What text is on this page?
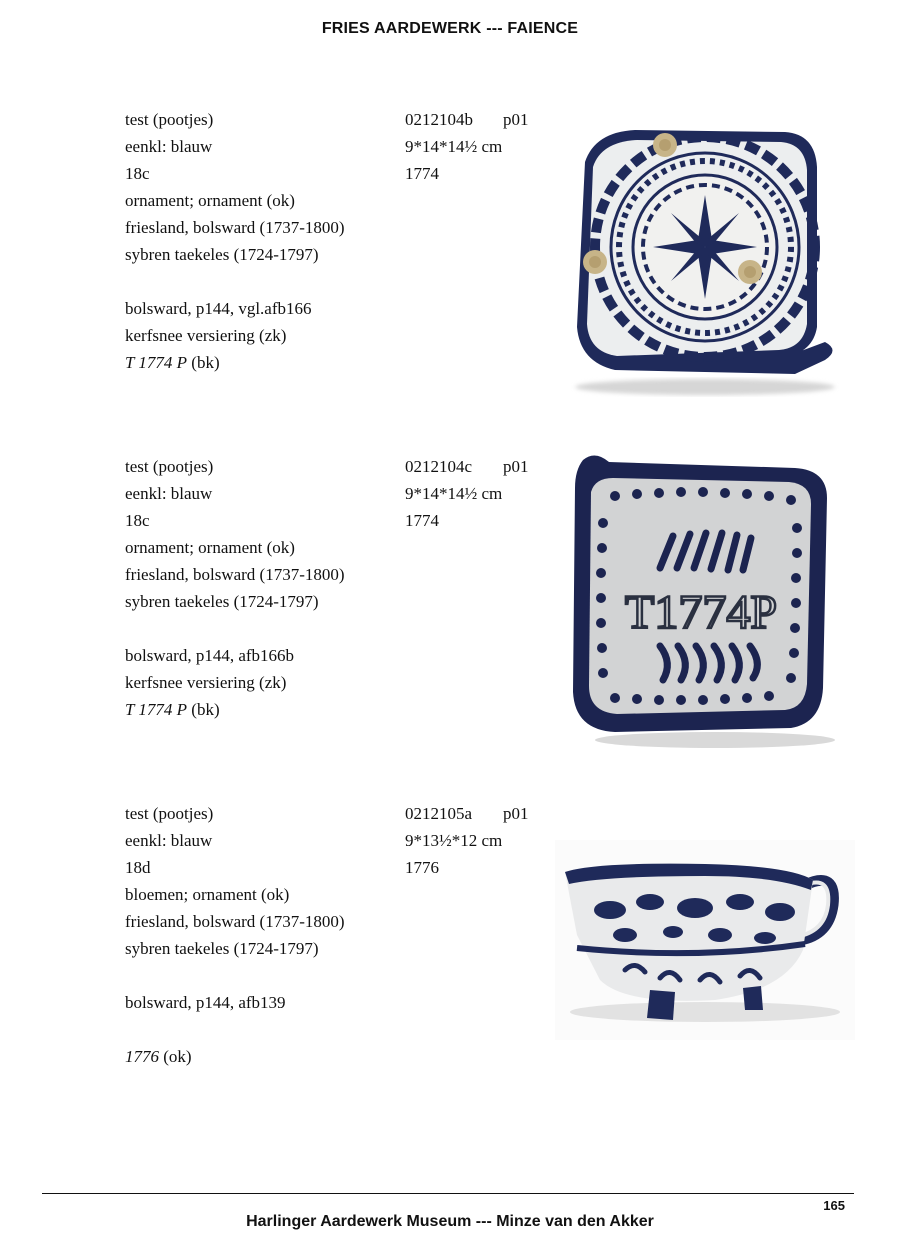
FRIES AARDEWERK --- FAIENCE
test (pootjes)
eenkl: blauw
18c
ornament; ornament (ok)
friesland, bolsward (1737-1800)
sybren taekeles (1724-1797)
bolsward, p144, vgl.afb166
kerfsnee versiering (zk)
T 1774 P (bk)
0212104b p01
9*14*14½ cm
1774
test (pootjes)
eenkl: blauw
18c
ornament; ornament (ok)
friesland, bolsward (1737-1800)
sybren taekeles (1724-1797)
bolsward, p144, afb166b
kerfsnee versiering (zk)
T 1774 P (bk)
0212104c p01
9*14*14½ cm
1774
T1774P
test (pootjes)
eenkl: blauw
18d
bloemen; ornament (ok)
friesland, bolsward (1737-1800)
sybren taekeles (1724-1797)
bolsward, p144, afb139
1776 (ok)
0212105a p01
9*13½*12 cm
1776
165
Harlinger Aardewerk Museum --- Minze van den Akker
